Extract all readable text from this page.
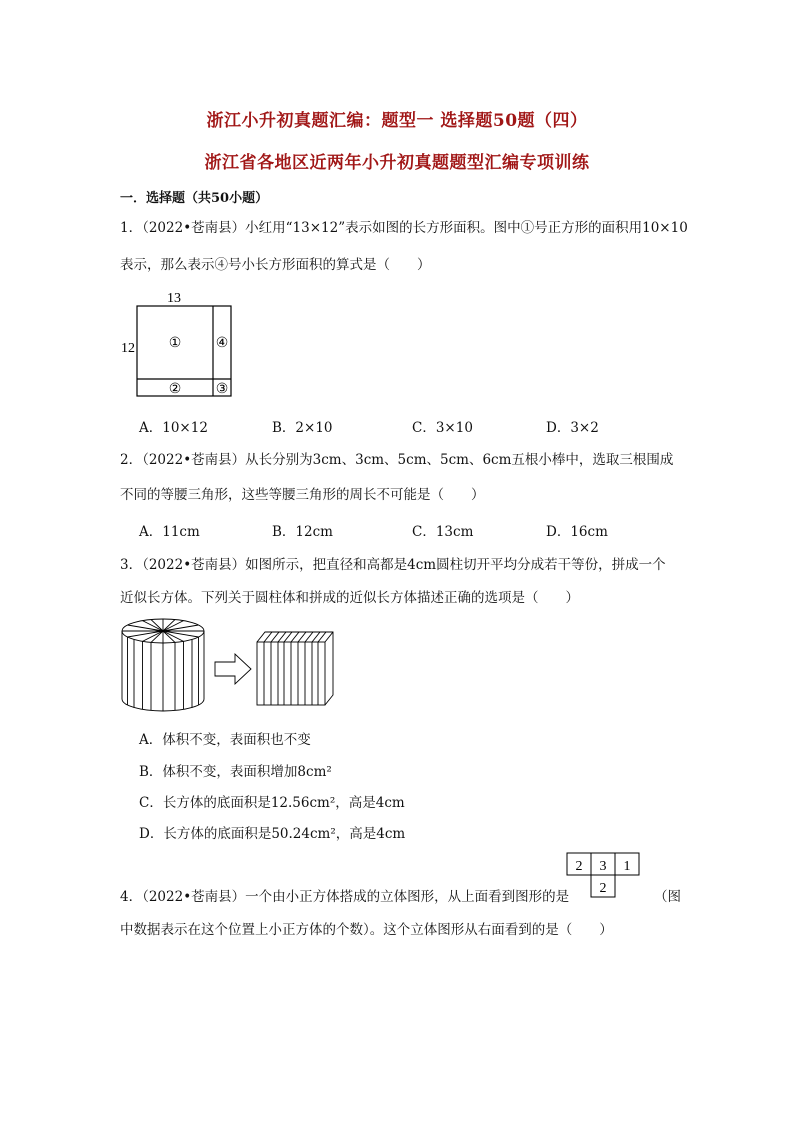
浙江小升初真题汇编：题型一 选择题50题（四）
浙江省各地区近两年小升初真题题型汇编专项训练
一．选择题（共50小题）
1．（2022•苍南县）小红用“13×12”表示如图的长方形面积。图中①号正方形的面积用10×10
表示，那么表示④号小长方形面积的算式是（　　）
13
12 ①
② ③
④
A．10×12	B．2×10	C．3×10	D．3×2
2．（2022•苍南县）从长分别为3cm、3cm、5cm、5cm、6cm五根小棒中，选取三根围成
不同的等腰三角形，这些等腰三角形的周长不可能是（　　）
A．11cm	B．12cm	C．13cm	D．16cm
3．（2022•苍南县）如图所示，把直径和高都是4cm圆柱切开平均分成若干等份，拼成一个
近似长方体。下列关于圆柱体和拼成的近似长方体描述正确的选项是（　　）
A．体积不变，表面积也不变
B．体积不变，表面积增加8cm²
C．长方体的底面积是12.56cm²，高是4cm
D．长方体的底面积是50.24cm²，高是4cm
2 3 1
2
4．（2022•苍南县）一个由小正方体搭成的立体图形，从上面看到图形的是	（图
中数据表示在这个位置上小正方体的个数）。这个立体图形从右面看到的是（　　）
